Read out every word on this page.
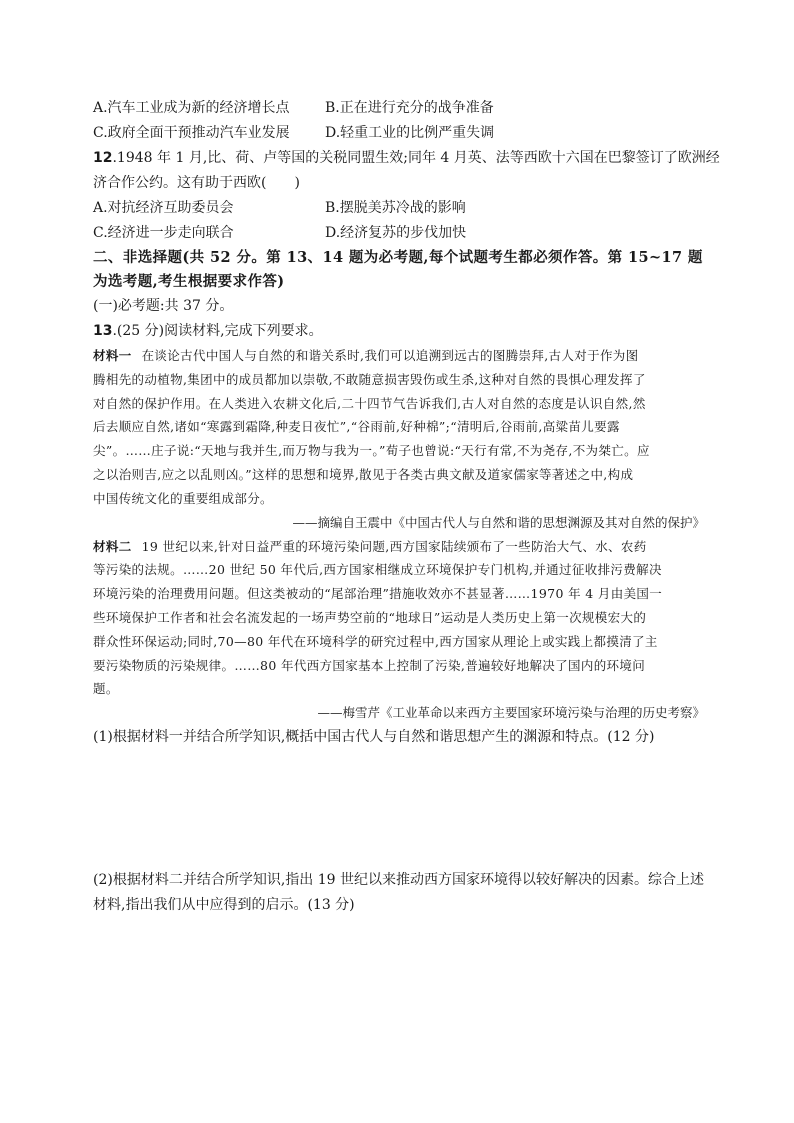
A.汽车工业成为新的经济增长点	B.正在进行充分的战争准备
C.政府全面干预推动汽车业发展	D.轻重工业的比例严重失调
12.1948 年 1 月,比、荷、卢等国的关税同盟生效;同年 4 月英、法等西欧十六国在巴黎签订了欧洲经
济合作公约。这有助于西欧(　　)
A.对抗经济互助委员会	B.摆脱美苏冷战的影响
C.经济进一步走向联合	D.经济复苏的步伐加快
二、非选择题(共 52 分。第 13、14 题为必考题,每个试题考生都必须作答。第 15~17 题
为选考题,考生根据要求作答)
(一)必考题:共 37 分。
13.(25 分)阅读材料,完成下列要求。
材料一 在谈论古代中国人与自然的和谐关系时,我们可以追溯到远古的图腾崇拜,古人对于作为图
腾相先的动植物,集团中的成员都加以崇敬,不敢随意损害毁伤或生杀,这种对自然的畏惧心理发挥了
对自然的保护作用。在人类进入农耕文化后,二十四节气告诉我们,古人对自然的态度是认识自然,然
后去顺应自然,诸如“寒露到霜降,种麦日夜忙”,“谷雨前,好种棉”;“清明后,谷雨前,高粱苗儿要露
尖”。……庄子说:“天地与我并生,而万物与我为一。”荀子也曾说:“天行有常,不为尧存,不为桀亡。应
之以治则吉,应之以乱则凶。”这样的思想和境界,散见于各类古典文献及道家儒家等著述之中,构成
中国传统文化的重要组成部分。
——摘编自王震中《中国古代人与自然和谐的思想渊源及其对自然的保护》
材料二 19 世纪以来,针对日益严重的环境污染问题,西方国家陆续颁布了一些防治大气、水、农药
等污染的法规。……20 世纪 50 年代后,西方国家相继成立环境保护专门机构,并通过征收排污费解决
环境污染的治理费用问题。但这类被动的“尾部治理”措施收效亦不甚显著……1970 年 4 月由美国一
些环境保护工作者和社会名流发起的一场声势空前的“地球日”运动是人类历史上第一次规模宏大的
群众性环保运动;同时,70—80 年代在环境科学的研究过程中,西方国家从理论上或实践上都摸清了主
要污染物质的污染规律。……80 年代西方国家基本上控制了污染,普遍较好地解决了国内的环境问
题。
——梅雪芹《工业革命以来西方主要国家环境污染与治理的历史考察》
(1)根据材料一并结合所学知识,概括中国古代人与自然和谐思想产生的渊源和特点。(12 分)
(2)根据材料二并结合所学知识,指出 19 世纪以来推动西方国家环境得以较好解决的因素。综合上述
材料,指出我们从中应得到的启示。(13 分)
